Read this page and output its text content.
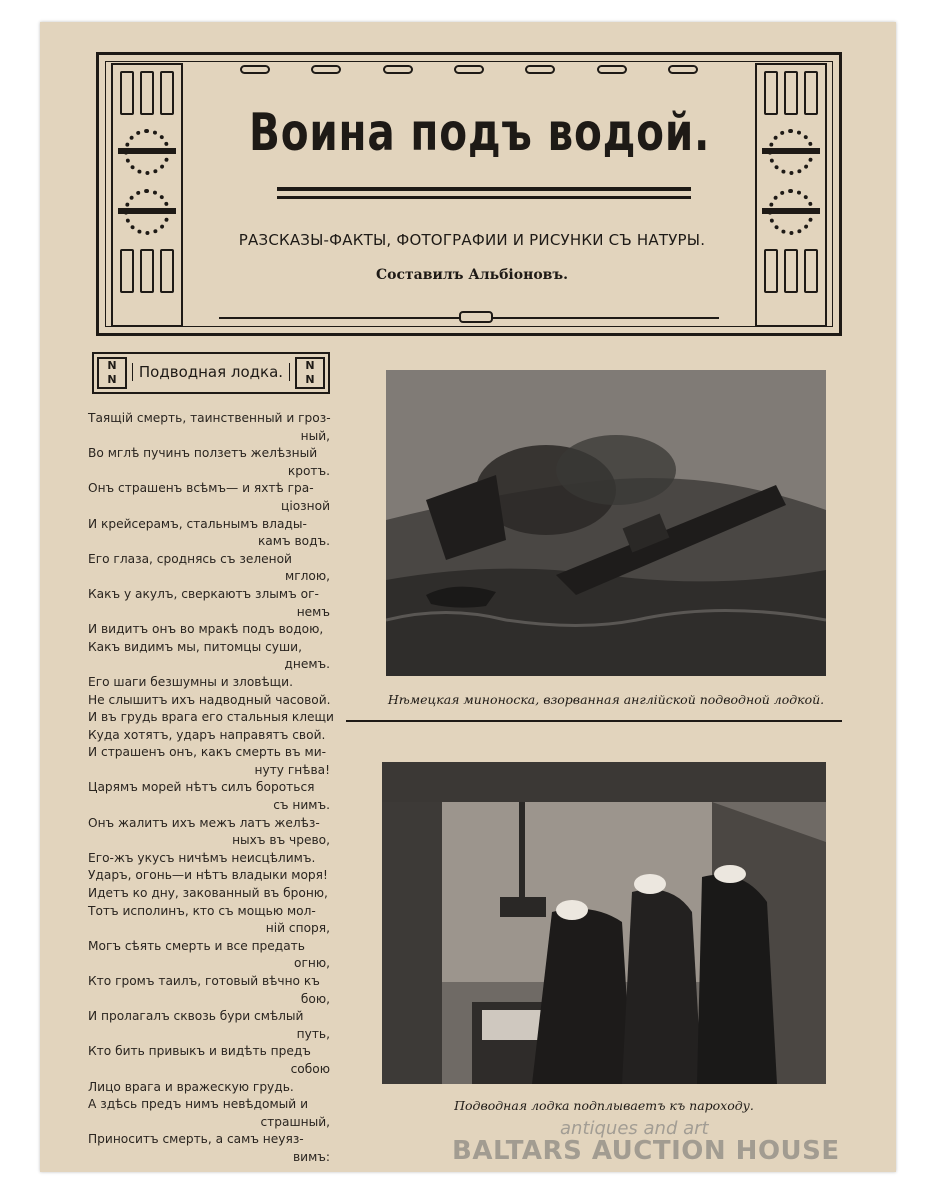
Воина подъ водой.
РАЗСКАЗЫ-ФАКТЫ, ФОТОГРАФИИ И РИСУНКИ СЪ НАТУРЫ.
Составилъ Альбіоновъ.
N
N	Подводная лодка.	N
N
Таящій смерть, таинственный и гроз-
ный,
Во мглѣ пучинъ ползетъ желѣзный
кротъ.
Онъ страшенъ всѣмъ— и яхтѣ гра-
ціозной
И крейсерамъ, стальнымъ влады-
камъ водъ.
Его глаза, сроднясь съ зеленой
мглою,
Какъ у акулъ, сверкаютъ злымъ ог-
немъ
И видитъ онъ во мракѣ подъ водою,
Какъ видимъ мы, питомцы суши,
днемъ.
Его шаги безшумны и зловѣщи.
Не слышитъ ихъ надводный часовой.
И въ грудь врага его стальныя клещи
Куда хотятъ, ударъ направятъ свой.
И страшенъ онъ, какъ смерть въ ми-
нуту гнѣва!
Царямъ морей нѣтъ силъ бороться
съ нимъ.
Онъ жалитъ ихъ межъ латъ желѣз-
ныхъ въ чрево,
Его-жъ укусъ ничѣмъ неисцѣлимъ.
Ударъ, огонь—и нѣтъ владыки моря!
Идетъ ко дну, закованный въ броню,
Тотъ исполинъ, кто съ мощью мол-
ній споря,
Могъ сѣять смерть и все предать
огню,
Кто громъ таилъ, готовый вѣчно къ
бою,
И пролагалъ сквозь бури смѣлый
путь,
Кто бить привыкъ и видѣть предъ
собою
Лицо врага и вражескую грудь.
А здѣсь предъ нимъ невѣдомый и
страшный,
Приноситъ смерть, а самъ неуяз-
вимъ:
Нѣмецкая миноноска, взорванная англійской подводной лодкой.
Подводная лодка подплываетъ къ пароходу.
antiques and art
BALTARS AUCTION HOUSE
